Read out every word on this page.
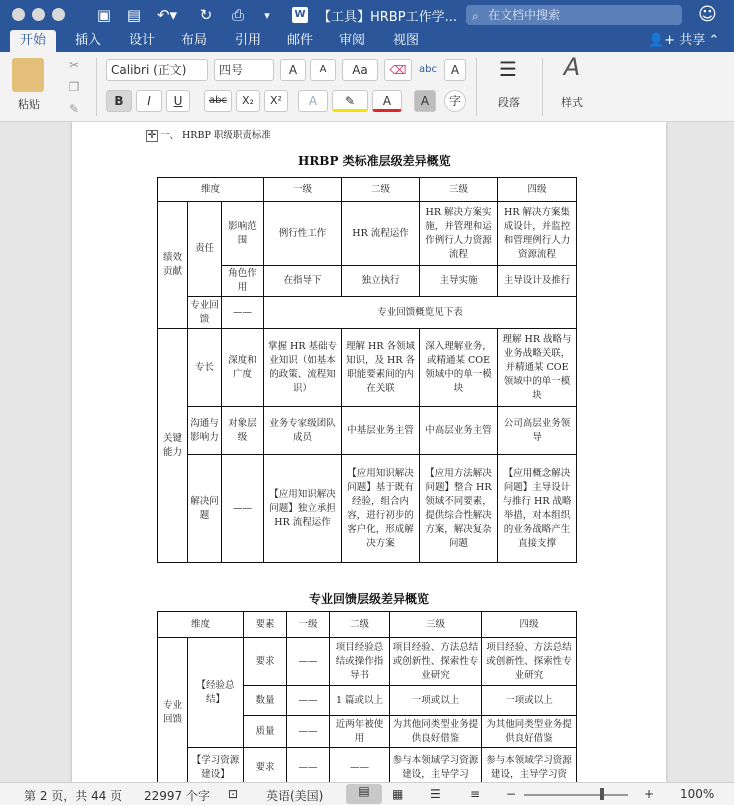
▣ ▤	↶▾	↻	⎙	▾	W 【工具】HRBP工作学...	⌕ 在文档中搜索	☺
开始	插入	设计	布局	引用	邮件	审阅	视图	👤+ 共享 ⌃
粘贴
✂
❐
✎
Calibri (正文)	四号	A	A	Aa	⌫	abc	A
B	I	U	abc	X₂	X²	A	✎	A	A	字
☰
段落
A
样式
✛ 一、 HRBP 职级职责标准
HRBP 类标准层级差异概览
维度			一级	二级	三级	四级
绩效贡献	责任	影响范围	例行性工作	HR 流程运作	HR 解决方案实施，并管理和运作例行人力资源流程	HR 解决方案集成设计，并监控和管理例行人力资源流程
		角色作用	在指导下	独立执行	主导实施	主导设计及推行
	专业回馈	——	专业回馈概览见下表			
关键能力	专长	深度和广度	掌握 HR 基础专业知识（如基本的政策、流程知识）	理解 HR 各领域知识，及 HR 各职能要素间的内在关联	深入理解业务，或精通某 COE 领域中的单一模块	理解 HR 战略与业务战略关联，并精通某 COE 领域中的单一模块
	沟通与影响力	对象层级	业务专家级团队成员	中基层业务主管	中高层业务主管	公司高层业务领导
	解决问题	——	【应用知识解决问题】独立承担 HR 流程运作	【应用知识解决问题】基于既有经验，组合内容，进行初步的客户化，形成解决方案	【应用方法解决问题】整合 HR 领域不同要素，提供综合性解决方案，解决复杂问题	【应用概念解决问题】主导设计与推行 HR 战略举措，对本组织的业务战略产生直接支撑
专业回馈层级差异概览
维度		要素	一级	二级	三级	四级
专业回馈	【经验总结】	要求	——	项目经验总结或操作指导书	项目经验、方法总结或创新性、探索性专业研究	项目经验、方法总结或创新性、探索性专业研究
		数量	——	1 篇或以上	一项或以上	一项或以上
		质量	——	近两年被使用	为其他同类型业务提供良好借鉴	为其他同类型业务提供良好借鉴
	【学习资源建设】	要求	——	——	参与本领域学习资源建设，主导学习	参与本领域学习资源建设，主导学习资
第 2 页，共 44 页 22997 个字 ⊡ 英语(美国)	▤	▦ ☰ ≡ −	+ 100%
